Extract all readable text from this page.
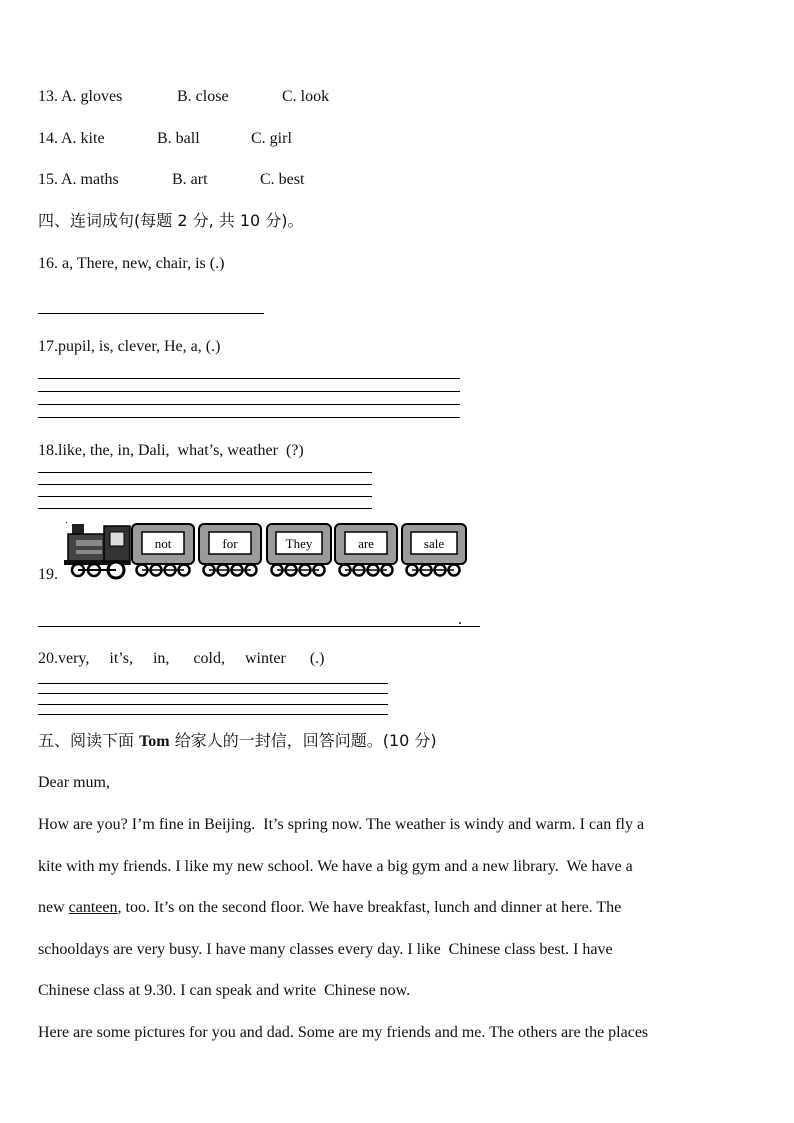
13. A. gloves	B. close	C. look
14. A. kite	B. ball	C. girl
15. A. maths	B. art	C. best
四、连词成句(每题 2 分, 共 10 分)。
16. a, There, new, chair, is (.)
17.pupil, is, clever, He, a, (.)
18.like, the, in, Dali,  what’s, weather  (?)
19.
not	for	They	are	sale
.
20.very,     it’s,     in,      cold,     winter      (.)
五、阅读下面 Tom 给家人的一封信，回答问题。(10 分)
Dear mum,
How are you? I’m fine in Beijing.  It’s spring now. The weather is windy and warm. I can fly a
kite with my friends. I like my new school. We have a big gym and a new library.  We have a
new canteen, too. It’s on the second floor. We have breakfast, lunch and dinner at here. The
schooldays are very busy. I have many classes every day. I like  Chinese class best. I have
Chinese class at 9.30. I can speak and write  Chinese now.
Here are some pictures for you and dad. Some are my friends and me. The others are the places
